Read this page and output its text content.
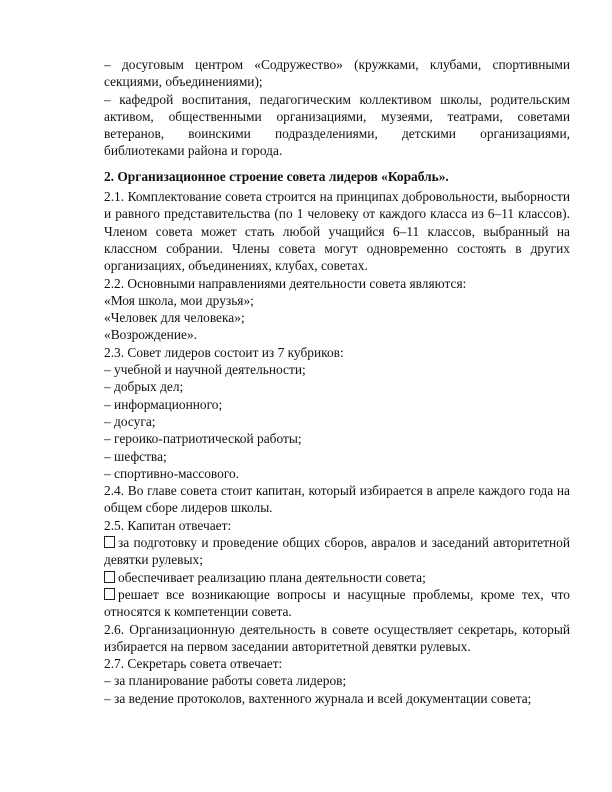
– досуговым центром «Содружество» (кружками, клубами, спортивными секциями, объединениями);

– кафедрой воспитания, педагогическим коллективом школы, родительским активом, общественными организациями, музеями, театрами, советами ветеранов, воинскими подразделениями, детскими организациями, библиотеками района и города.

2. Организационное строение совета лидеров «Корабль».

2.1. Комплектование совета строится на принципах добровольности, выборности и равного представительства (по 1 человеку от каждого класса из 6–11 классов). Членом совета может стать любой учащийся 6–11 классов, выбранный на классном собрании. Члены совета могут одновременно состоять в других организациях, объединениях, клубах, советах.

2.2. Основными направлениями деятельности совета являются:

«Моя школа, мои друзья»;

«Человек для человека»;

«Возрождение».

2.3. Совет лидеров состоит из 7 кубриков:

– учебной и научной деятельности;

– добрых дел;

– информационного;

– досуга;

– героико-патриотической работы;

– шефства;

– спортивно-массового.

2.4. Во главе совета стоит капитан, который избирается в апреле каждого года на общем сборе лидеров школы.

2.5. Капитан отвечает:

за подготовку и проведение общих сборов, авралов и заседаний авторитетной девятки рулевых;

обеспечивает реализацию плана деятельности совета;

решает все возникающие вопросы и насущные проблемы, кроме тех, что относятся к компетенции совета.

2.6. Организационную деятельность в совете осуществляет секретарь, который избирается на первом заседании авторитетной девятки рулевых.

2.7. Секретарь совета отвечает:

– за планирование работы совета лидеров;

– за ведение протоколов, вахтенного журнала и всей документации совета;
